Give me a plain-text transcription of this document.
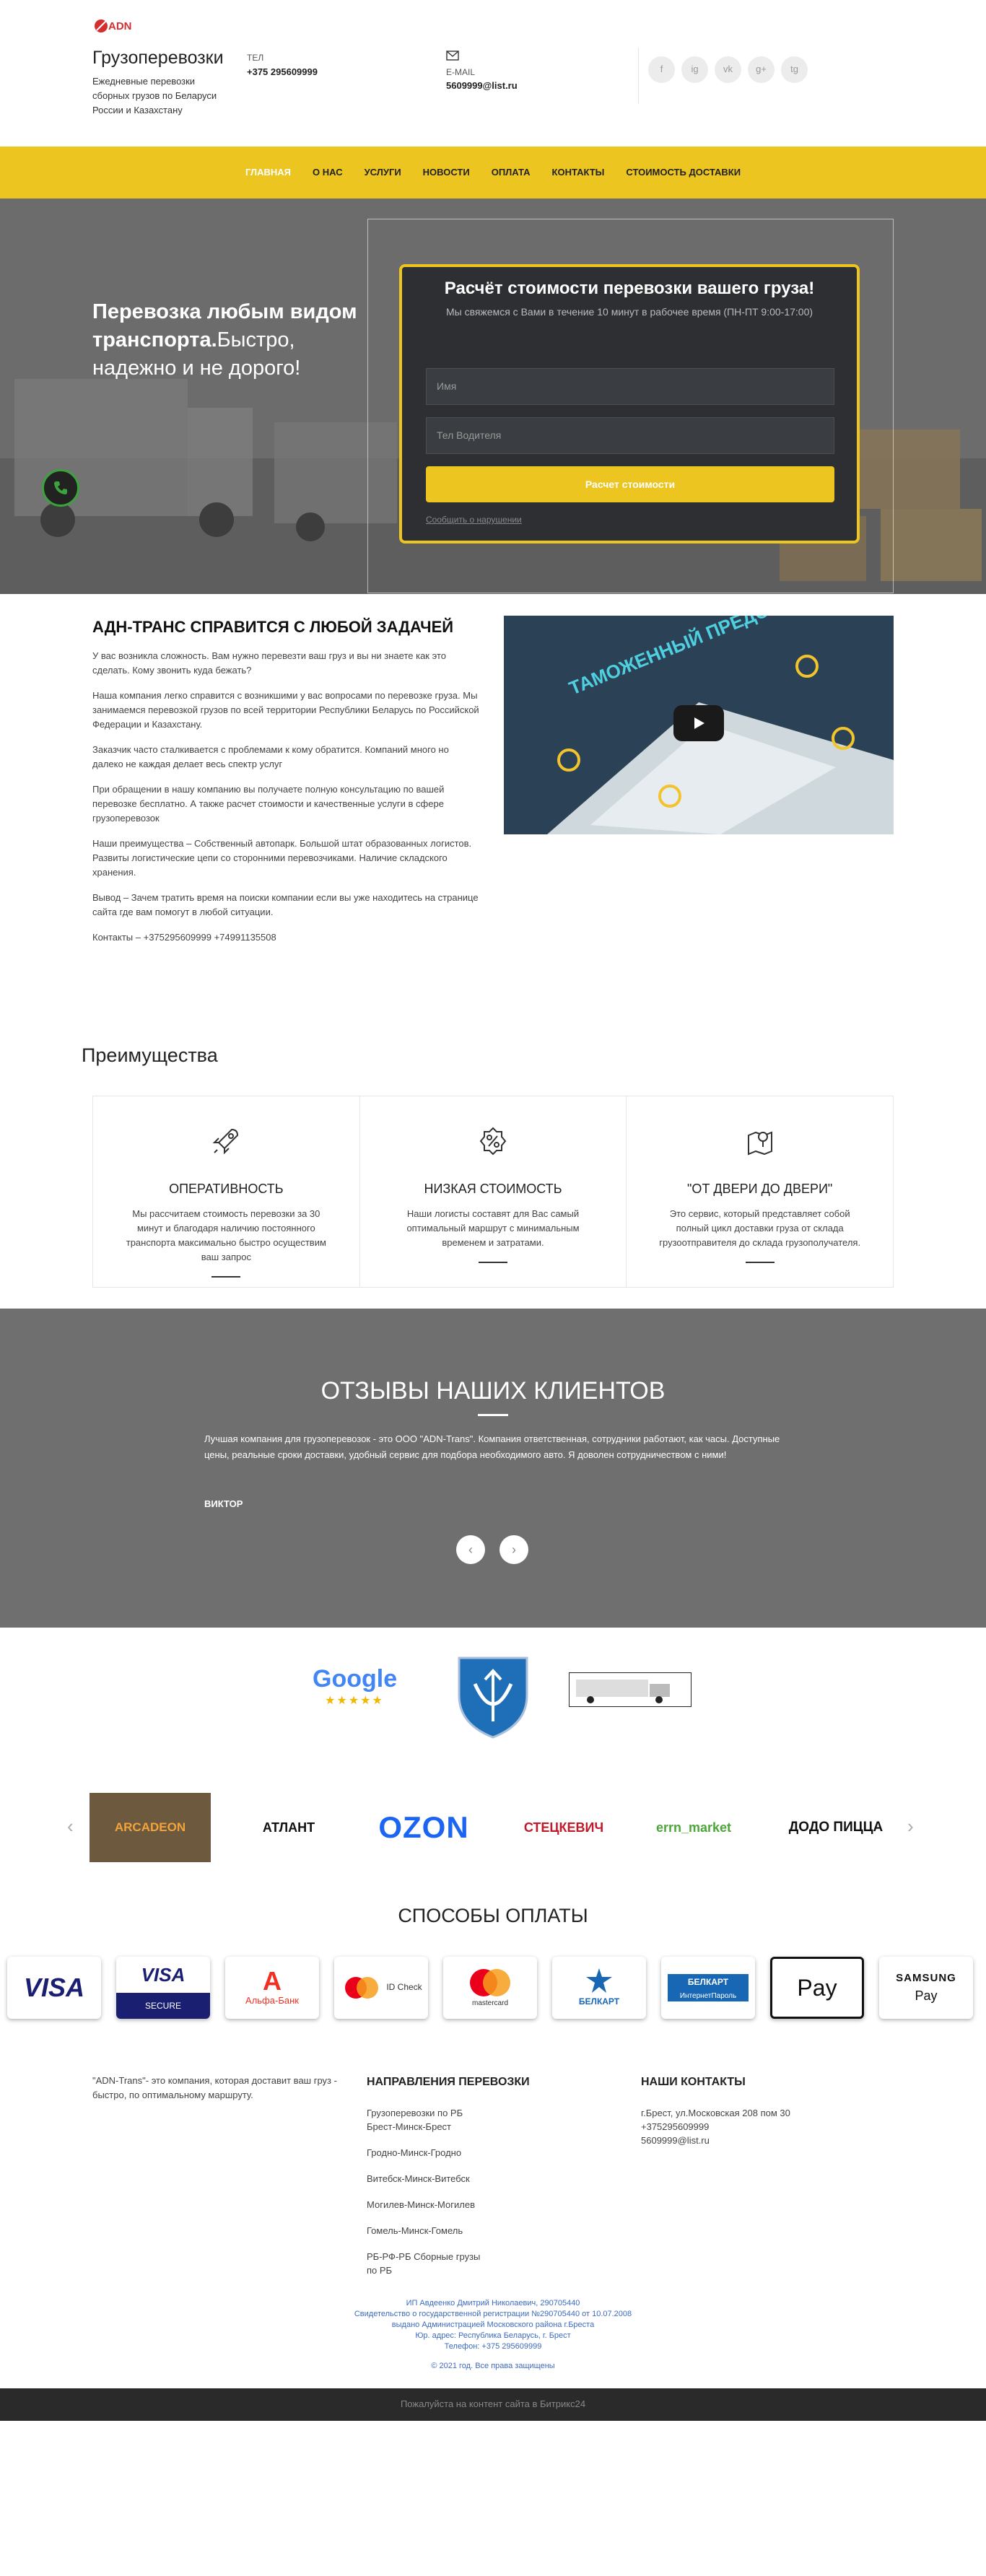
ADN
Грузоперевозки
Ежедневные перевозки сборных грузов по Беларуси России и Казахстану
ТЕЛ
+375 295609999	E-MAIL
5609999@list.ru
f	ig	vk	g+	tg
ГЛАВНАЯ О НАС УСЛУГИ НОВОСТИ ОПЛАТА КОНТАКТЫ СТОИМОСТЬ ДОСТАВКИ
Перевозка любым видом транспорта.Быстро, надежно и не дорого!
Расчёт стоимости перевозки вашего груза!
Мы свяжемся с Вами в течение 10 минут в рабочее время (ПН-ПТ 9:00-17:00)
Имя
Тел Водителя
Расчет стоимости
Сообщить о нарушении
АДН-ТРАНС СПРАВИТСЯ С ЛЮБОЙ ЗАДАЧЕЙ

У вас возникла сложность. Вам нужно перевезти ваш груз и вы ни знаете как это сделать. Кому звонить куда бежать?

Наша компания легко справится с возникшими у вас вопросами по перевозке груза. Мы занимаемся перевозкой грузов по всей территории Республики Беларусь по Российской Федерации и Казахстану.

Заказчик часто сталкивается с проблемами к кому обратится. Компаний много но далеко не каждая делает весь спектр услуг

При обращении в нашу компанию вы получаете полную консультацию по вашей перевозке бесплатно. А также расчет стоимости и качественные услуги в сфере грузоперевозок

Наши преимущества – Собственный автопарк. Большой штат образованных логистов. Развиты логистические цепи со сторонними перевозчиками. Наличие складского хранения.

Вывод – Зачем тратить время на поиски компании если вы уже находитесь на странице сайта где вам помогут в любой ситуации.

Контакты – +375295609999 +74991135508

Преимущества
ОПЕРАТИВНОСТЬ

Мы рассчитаем стоимость перевозки за 30 минут и благодаря наличию постоянного транспорта максимально быстро осуществим ваш запрос

НИЗКАЯ СТОИМОСТЬ

Наши логисты составят для Вас самый оптимальный маршрут с минимальным временем и затратами.

"ОТ ДВЕРИ ДО ДВЕРИ"

Это сервис, который представляет собой полный цикл доставки груза от склада грузоотправителя до склада грузополучателя.

ОТЗЫВЫ НАШИХ КЛИЕНТОВ
Лучшая компания для грузоперевозок - это ООО "ADN-Trans". Компания ответственная, сотрудники работают, как часы. Доступные цены, реальные сроки доставки, удобный сервис для подбора необходимого авто. Я доволен сотрудничеством с ними!
ВИКТОР
‹	›
Google
★★★★★
‹	›
ARCADEON	АТЛАНТ OZON	СТЕЦКЕВИЧ	errn_market	ДОДО ПИЦЦА
СПОСОБЫ ОПЛАТЫ
VISA	VISA
SECURE
A
Альфа-Банк
ID Check
mastercard	БЕЛКАРТ
БЕЛКАРТ
ИнтернетПароль	Pay	SAMSUNG
Pay
"ADN-Trans"- это компания, которая доставит ваш груз - быстро, по оптимальному маршруту.
НАПРАВЛЕНИЯ ПЕРЕВОЗКИ
Грузоперевозки по РБ Брест-Минск-Брест
Гродно-Минск-Гродно
Витебск-Минск-Витебск
Могилев-Минск-Могилев
Гомель-Минск-Гомель
РБ-РФ-РБ Сборные грузы по РБ
НАШИ КОНТАКТЫ
г.Брест, ул.Московская 208 пом 30
+375295609999
5609999@list.ru
ИП Авдеенко Дмитрий Николаевич, 290705440
Свидетельство о государственной регистрации №290705440 от 10.07.2008
выдано Администрацией Московского района г.Бреста
Юр. адрес: Республика Беларусь, г. Брест
Телефон: +375 295609999
© 2021 год. Все права защищены
Пожалуйста на контент сайта в Битрикс24
